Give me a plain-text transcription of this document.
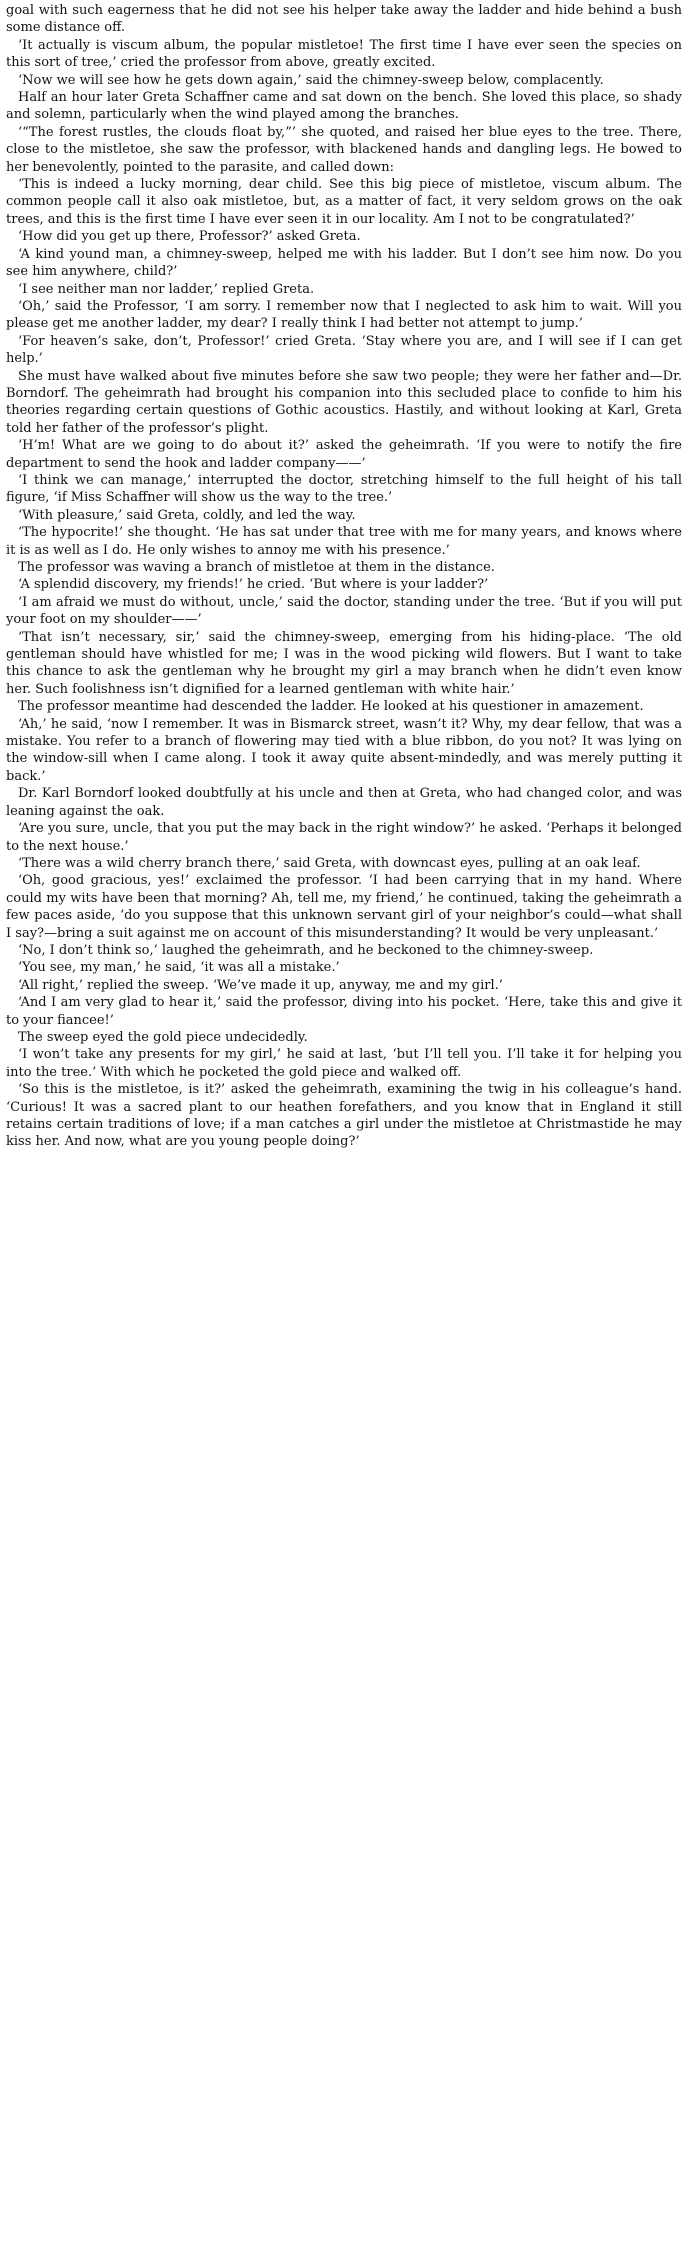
goal with such eagerness that he did not see his helper take away the ladder and hide behind a bush some distance off.

‘It actually is viscum album, the popular mistletoe! The first time I have ever seen the species on this sort of tree,’ cried the professor from above, greatly excited.

‘Now we will see how he gets down again,’ said the chimney-sweep below, complacently.

Half an hour later Greta Schaffner came and sat down on the bench. She loved this place, so shady and solemn, particularly when the wind played among the branches.

‘“The forest rustles, the clouds float by,”’ she quoted, and raised her blue eyes to the tree. There, close to the mistletoe, she saw the professor, with blackened hands and dangling legs. He bowed to her benevolently, pointed to the parasite, and called down:

‘This is indeed a lucky morning, dear child. See this big piece of mistletoe, viscum album. The common people call it also oak mistletoe, but, as a matter of fact, it very seldom grows on the oak trees, and this is the first time I have ever seen it in our locality. Am I not to be congratulated?’

‘How did you get up there, Professor?’ asked Greta.

‘A kind yound man, a chimney-sweep, helped me with his ladder. But I don’t see him now. Do you see him anywhere, child?’

‘I see neither man nor ladder,’ replied Greta.

‘Oh,’ said the Professor, ‘I am sorry. I remember now that I neglected to ask him to wait. Will you please get me another ladder, my dear? I really think I had better not attempt to jump.’

‘For heaven’s sake, don’t, Professor!’ cried Greta. ‘Stay where you are, and I will see if I can get help.’

She must have walked about five minutes before she saw two people; they were her father and—Dr. Borndorf. The geheimrath had brought his companion into this secluded place to confide to him his theories regarding certain questions of Gothic acoustics. Hastily, and without looking at Karl, Greta told her father of the professor’s plight.

‘H’m! What are we going to do about it?’ asked the geheimrath. ‘If you were to notify the fire department to send the hook and ladder company——’

‘I think we can manage,’ interrupted the doctor, stretching himself to the full height of his tall figure, ‘if Miss Schaffner will show us the way to the tree.’

‘With pleasure,’ said Greta, coldly, and led the way.

‘The hypocrite!’ she thought. ‘He has sat under that tree with me for many years, and knows where it is as well as I do. He only wishes to annoy me with his presence.’

The professor was waving a branch of mistletoe at them in the distance.

‘A splendid discovery, my friends!’ he cried. ‘But where is your ladder?’

‘I am afraid we must do without, uncle,’ said the doctor, standing under the tree. ‘But if you will put your foot on my shoulder——’

‘That isn’t necessary, sir,’ said the chimney-sweep, emerging from his hiding-place. ‘The old gentleman should have whistled for me; I was in the wood picking wild flowers. But I want to take this chance to ask the gentleman why he brought my girl a may branch when he didn’t even know her. Such foolishness isn’t dignified for a learned gentleman with white hair.’

The professor meantime had descended the ladder. He looked at his questioner in amazement.

‘Ah,’ he said, ‘now I remember. It was in Bismarck street, wasn’t it? Why, my dear fellow, that was a mistake. You refer to a branch of flowering may tied with a blue ribbon, do you not? It was lying on the window-sill when I came along. I took it away quite absent-mindedly, and was merely putting it back.’

Dr. Karl Borndorf looked doubtfully at his uncle and then at Greta, who had changed color, and was leaning against the oak.

‘Are you sure, uncle, that you put the may back in the right window?’ he asked. ‘Perhaps it belonged to the next house.’

‘There was a wild cherry branch there,’ said Greta, with downcast eyes, pulling at an oak leaf.

‘Oh, good gracious, yes!’ exclaimed the professor. ‘I had been carrying that in my hand. Where could my wits have been that morning? Ah, tell me, my friend,’ he continued, taking the geheimrath a few paces aside, ‘do you suppose that this unknown servant girl of your neighbor’s could—what shall I say?—bring a suit against me on account of this misunderstanding? It would be very unpleasant.’

‘No, I don’t think so,’ laughed the geheimrath, and he beckoned to the chimney-sweep.

‘You see, my man,’ he said, ‘it was all a mistake.’

‘All right,’ replied the sweep. ‘We’ve made it up, anyway, me and my girl.’

‘And I am very glad to hear it,’ said the professor, diving into his pocket. ‘Here, take this and give it to your fiancee!’

The sweep eyed the gold piece undecidedly.

‘I won’t take any presents for my girl,’ he said at last, ‘but I’ll tell you. I’ll take it for helping you into the tree.’ With which he pocketed the gold piece and walked off.

‘So this is the mistletoe, is it?’ asked the geheimrath, examining the twig in his colleague’s hand. ‘Curious! It was a sacred plant to our heathen forefathers, and you know that in England it still retains certain traditions of love; if a man catches a girl under the mistletoe at Christmastide he may kiss her. And now, what are you young people doing?’
